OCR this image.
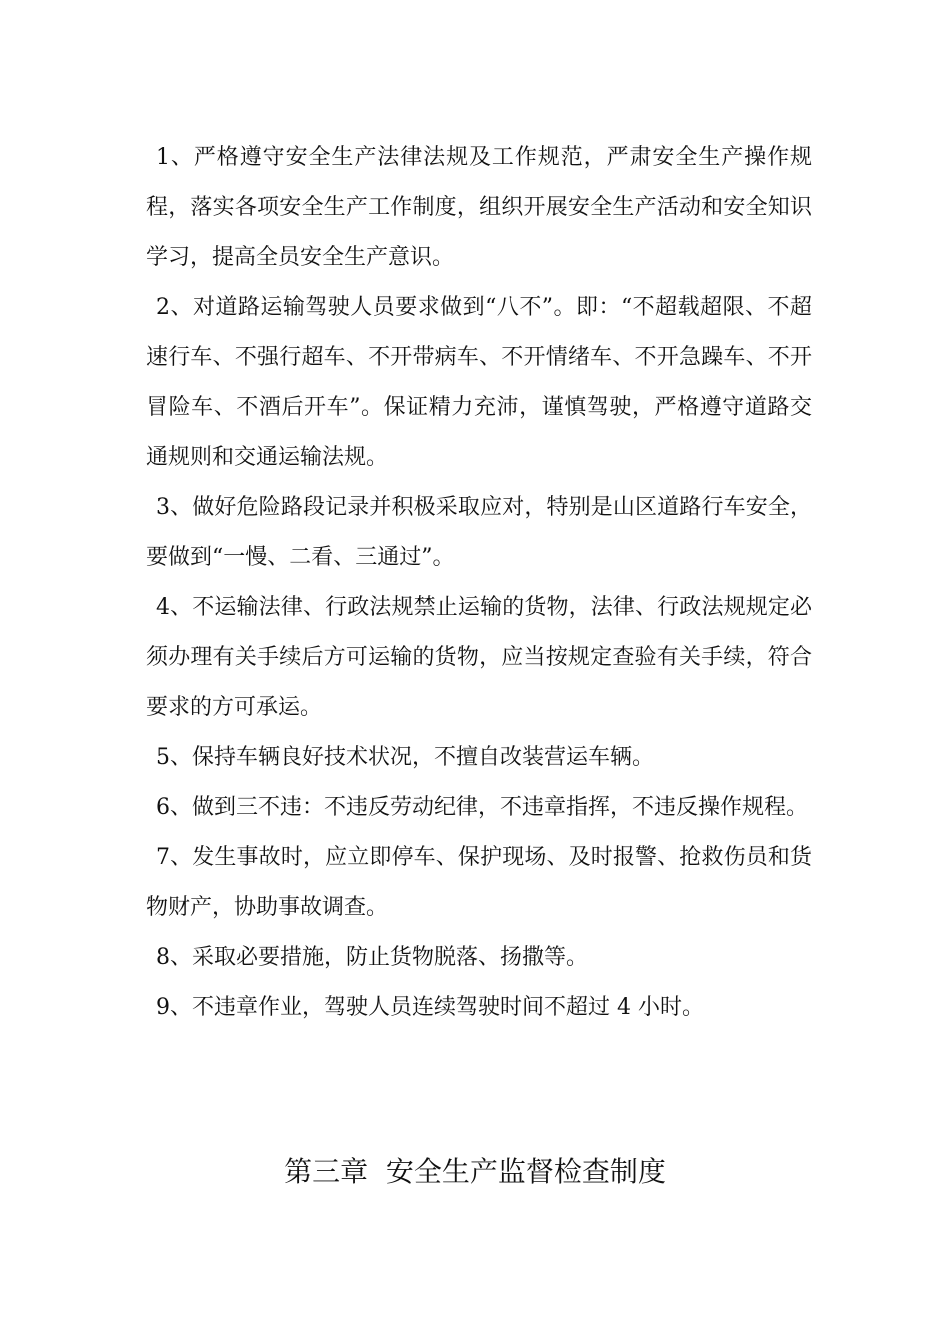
1、严格遵守安全生产法律法规及工作规范，严肃安全生产操作规程，落实各项安全生产工作制度，组织开展安全生产活动和安全知识学习，提高全员安全生产意识。

2、对道路运输驾驶人员要求做到“八不”。即：“不超载超限、不超速行车、不强行超车、不开带病车、不开情绪车、不开急躁车、不开冒险车、不酒后开车”。保证精力充沛，谨慎驾驶，严格遵守道路交通规则和交通运输法规。

3、做好危险路段记录并积极采取应对，特别是山区道路行车安全，要做到“一慢、二看、三通过”。

4、不运输法律、行政法规禁止运输的货物，法律、行政法规规定必须办理有关手续后方可运输的货物，应当按规定查验有关手续，符合要求的方可承运。

5、保持车辆良好技术状况，不擅自改装营运车辆。

6、做到三不违：不违反劳动纪律，不违章指挥，不违反操作规程。

7、发生事故时，应立即停车、保护现场、及时报警、抢救伤员和货物财产，协助事故调查。

8、采取必要措施，防止货物脱落、扬撒等。

9、不违章作业，驾驶人员连续驾驶时间不超过 4 小时。

第三章  安全生产监督检查制度
